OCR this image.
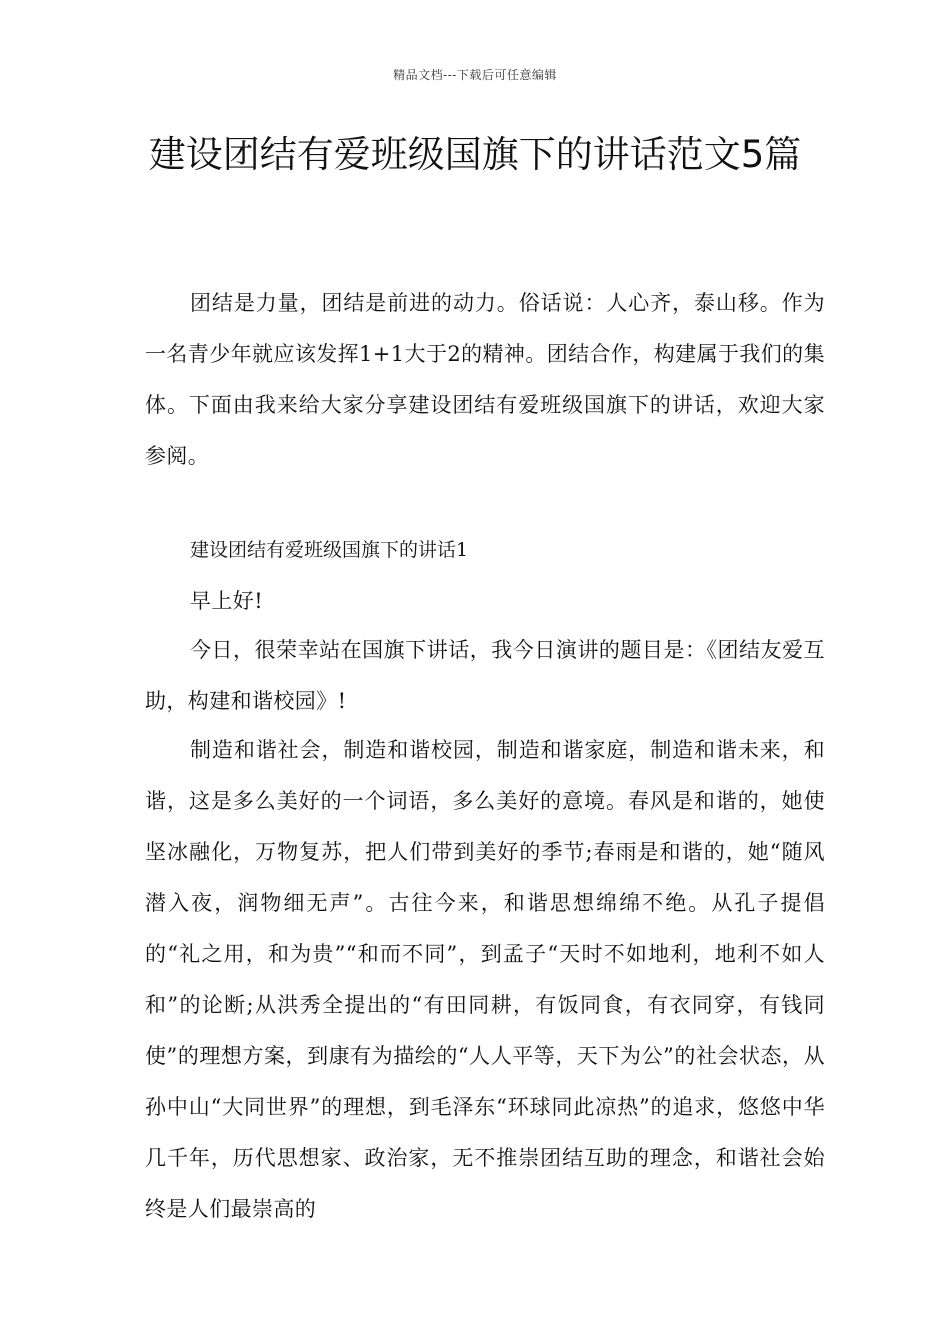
精品文档---下载后可任意编辑
建设团结有爱班级国旗下的讲话范文5篇

团结是力量，团结是前进的动力。俗话说：人心齐，泰山移。作为一名青少年就应该发挥1+1大于2的精神。团结合作，构建属于我们的集体。下面由我来给大家分享建设团结有爱班级国旗下的讲话，欢迎大家参阅。

建设团结有爱班级国旗下的讲话1

早上好!

今日，很荣幸站在国旗下讲话，我今日演讲的题目是：《团结友爱互助，构建和谐校园》!

制造和谐社会，制造和谐校园，制造和谐家庭，制造和谐未来，和谐，这是多么美好的一个词语，多么美好的意境。春风是和谐的，她使坚冰融化，万物复苏，把人们带到美好的季节;春雨是和谐的，她“随风潜入夜，润物细无声”。古往今来，和谐思想绵绵不绝。从孔子提倡的“礼之用，和为贵”“和而不同”，到孟子“天时不如地利，地利不如人和”的论断;从洪秀全提出的“有田同耕，有饭同食，有衣同穿，有钱同使”的理想方案，到康有为描绘的“人人平等，天下为公”的社会状态，从孙中山“大同世界”的理想，到毛泽东“环球同此凉热”的追求，悠悠中华几千年，历代思想家、政治家，无不推崇团结互助的理念，和谐社会始终是人们最崇高的
